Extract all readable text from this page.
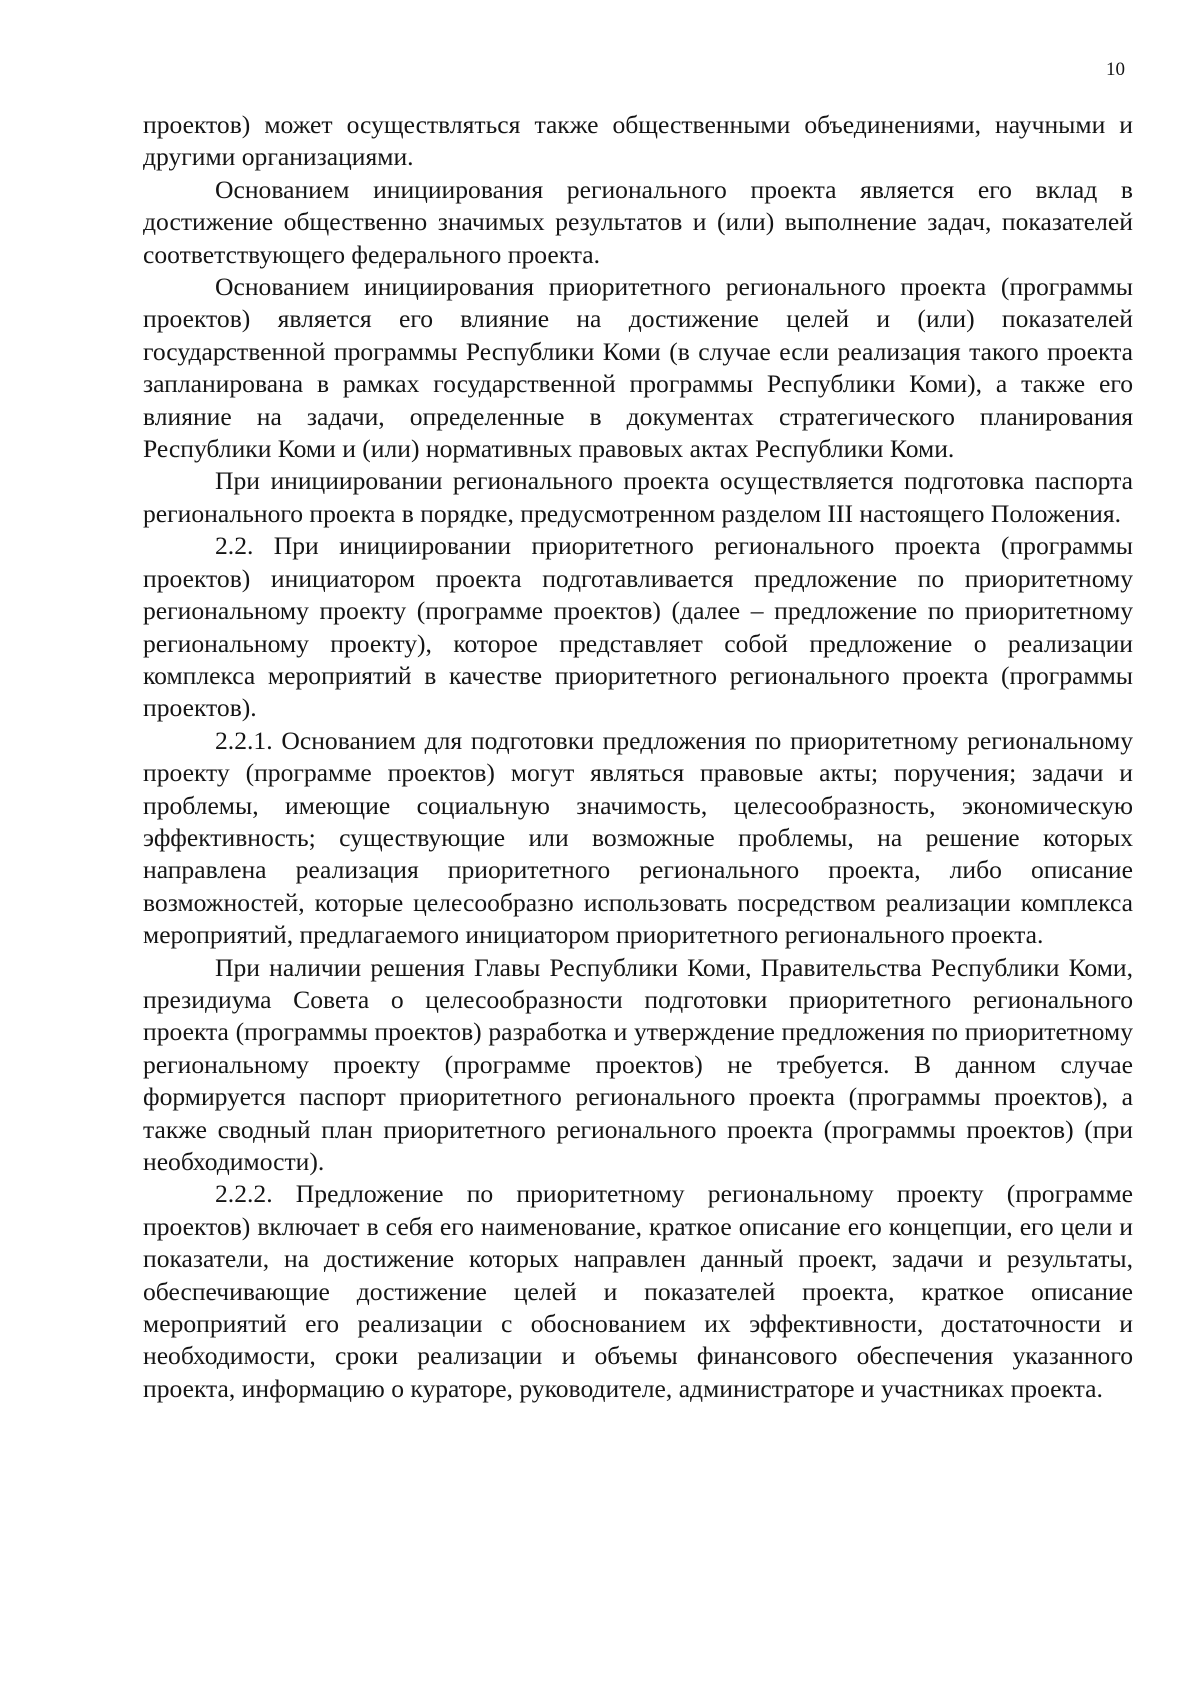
10

проектов) может осуществляться также общественными объединениями, научными и другими организациями.

Основанием инициирования регионального проекта является его вклад в достижение общественно значимых результатов и (или) выполнение задач, показателей соответствующего федерального проекта.

Основанием инициирования приоритетного регионального проекта (программы проектов) является его влияние на достижение целей и (или) показателей государственной программы Республики Коми (в случае если реализация такого проекта запланирована в рамках государственной программы Республики Коми), а также его влияние на задачи, определенные в документах стратегического планирования Республики Коми и (или) нормативных правовых актах Республики Коми.

При инициировании регионального проекта осуществляется подготовка паспорта регионального проекта в порядке, предусмотренном разделом III настоящего Положения.

2.2. При инициировании приоритетного регионального проекта (программы проектов) инициатором проекта подготавливается предложение по приоритетному региональному проекту (программе проектов) (далее – предложение по приоритетному региональному проекту), которое представляет собой предложение о реализации комплекса мероприятий в качестве приоритетного регионального проекта (программы проектов).

2.2.1. Основанием для подготовки предложения по приоритетному региональному проекту (программе проектов) могут являться правовые акты; поручения; задачи и проблемы, имеющие социальную значимость, целесообразность, экономическую эффективность; существующие или возможные проблемы, на решение которых направлена реализация приоритетного регионального проекта, либо описание возможностей, которые целесообразно использовать посредством реализации комплекса мероприятий, предлагаемого инициатором приоритетного регионального проекта.

При наличии решения Главы Республики Коми, Правительства Республики Коми, президиума Совета о целесообразности подготовки приоритетного регионального проекта (программы проектов) разработка и утверждение предложения по приоритетному региональному проекту (программе проектов) не требуется. В данном случае формируется паспорт приоритетного регионального проекта (программы проектов), а также сводный план приоритетного регионального проекта (программы проектов) (при необходимости).

2.2.2. Предложение по приоритетному региональному проекту (программе проектов) включает в себя его наименование, краткое описание его концепции, его цели и показатели, на достижение которых направлен данный проект, задачи и результаты, обеспечивающие достижение целей и показателей проекта, краткое описание мероприятий его реализации с обоснованием их эффективности, достаточности и необходимости, сроки реализации и объемы финансового обеспечения указанного проекта, информацию о кураторе, руководителе, администраторе и участниках проекта.
